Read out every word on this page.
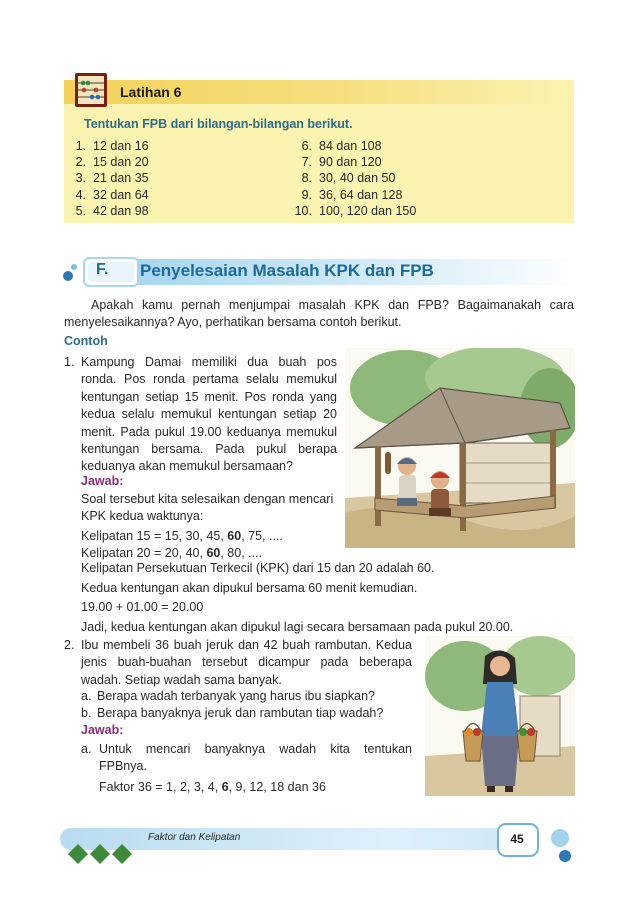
Latihan 6
Tentukan FPB dari bilangan-bilangan berikut.
1. 12 dan 16
2. 15 dan 20
3. 21 dan 35
4. 32 dan 64
5. 42 dan 98
6. 84 dan 108
7. 90 dan 120
8. 30, 40 dan 50
9. 36, 64 dan 128
10. 100, 120 dan 150
F. Penyelesaian Masalah KPK dan FPB
Apakah kamu pernah menjumpai masalah KPK dan FPB? Bagaimanakah cara
menyelesaikannya? Ayo, perhatikan bersama contoh berikut.
Contoh
1. Kampung Damai memiliki dua buah pos
ronda. Pos ronda pertama selalu memukul
kentungan setiap 15 menit. Pos ronda yang
kedua selalu memukul kentungan setiap 20
menit. Pada pukul 19.00 keduanya memukul
kentungan bersama. Pada pukul berapa
keduanya akan memukul bersamaan?
Jawab:
Soal tersebut kita selesaikan dengan mencari
KPK kedua waktunya:
Kelipatan 15 = 15, 30, 45, 60, 75, ....
Kelipatan 20 = 20, 40, 60, 80, ....
Kelipatan Persekutuan Terkecil (KPK) dari 15 dan 20 adalah 60.
Kedua kentungan akan dipukul bersama 60 menit kemudian.
19.00 + 01.00 = 20.00
Jadi, kedua kentungan akan dipukul lagi secara bersamaan pada pukul 20.00.
2. Ibu membeli 36 buah jeruk dan 42 buah rambutan. Kedua
jenis buah-buahan tersebut dicampur pada beberapa
wadah. Setiap wadah sama banyak.
a. Berapa wadah terbanyak yang harus ibu siapkan?
b. Berapa banyaknya jeruk dan rambutan tiap wadah?
Jawab:
a. Untuk mencari banyaknya wadah kita tentukan
FPBnya.
Faktor 36 = 1, 2, 3, 4, 6, 9, 12, 18 dan 36
Faktor dan Kelipatan	45
